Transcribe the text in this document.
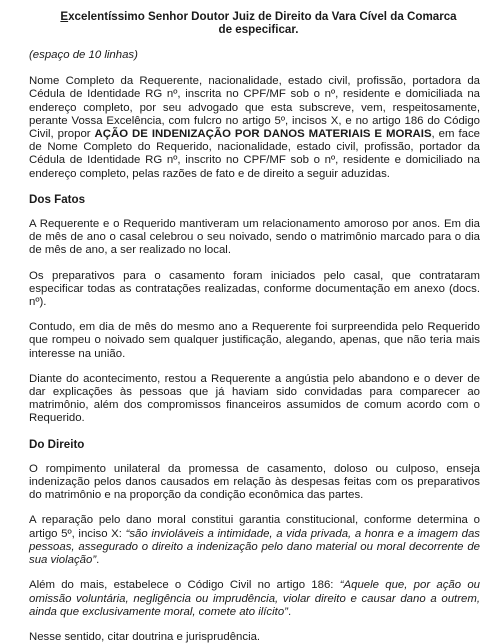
Excelentíssimo Senhor Doutor Juiz de Direito da Vara Cível da Comarca
de especificar.
(espaço de 10 linhas)

Nome Completo da Requerente, nacionalidade, estado civil, profissão, portadora da Cédula de Identidade RG nº, inscrita no CPF/MF sob o nº, residente e domiciliada na endereço completo, por seu advogado que esta subscreve, vem, respeitosamente, perante Vossa Excelência, com fulcro no artigo 5º, incisos X, e no artigo 186 do Código Civil, propor AÇÃO DE INDENIZAÇÃO POR DANOS MATERIAIS E MORAIS, em face de Nome Completo do Requerido, nacionalidade, estado civil, profissão, portador da Cédula de Identidade RG nº, inscrito no CPF/MF sob o nº, residente e domiciliado na endereço completo, pelas razões de fato e de direito a seguir aduzidas.

Dos Fatos

A Requerente e o Requerido mantiveram um relacionamento amoroso por anos. Em dia de mês de ano o casal celebrou o seu noivado, sendo o matrimônio marcado para o dia de mês de ano, a ser realizado no local.

Os preparativos para o casamento foram iniciados pelo casal, que contrataram especificar todas as contratações realizadas, conforme documentação em anexo (docs. nº).

Contudo, em dia de mês do mesmo ano a Requerente foi surpreendida pelo Requerido que rompeu o noivado sem qualquer justificação, alegando, apenas, que não teria mais interesse na união.

Diante do acontecimento, restou a Requerente a angústia pelo abandono e o dever de dar explicações às pessoas que já haviam sido convidadas para comparecer ao matrimônio, além dos compromissos financeiros assumidos de comum acordo com o Requerido.

Do Direito

O rompimento unilateral da promessa de casamento, doloso ou culposo, enseja indenização pelos danos causados em relação às despesas feitas com os preparativos do matrimônio e na proporção da condição econômica das partes.

A reparação pelo dano moral constitui garantia constitucional, conforme determina o artigo 5º, inciso X: “são invioláveis a intimidade, a vida privada, a honra e a imagem das pessoas, assegurado o direito a indenização pelo dano material ou moral decorrente de sua violação”.

Além do mais, estabelece o Código Civil no artigo 186: “Aquele que, por ação ou omissão voluntária, negligência ou imprudência, violar direito e causar dano a outrem, ainda que exclusivamente moral, comete ato ilícito”.

Nesse sentido, citar doutrina e jurisprudência.
